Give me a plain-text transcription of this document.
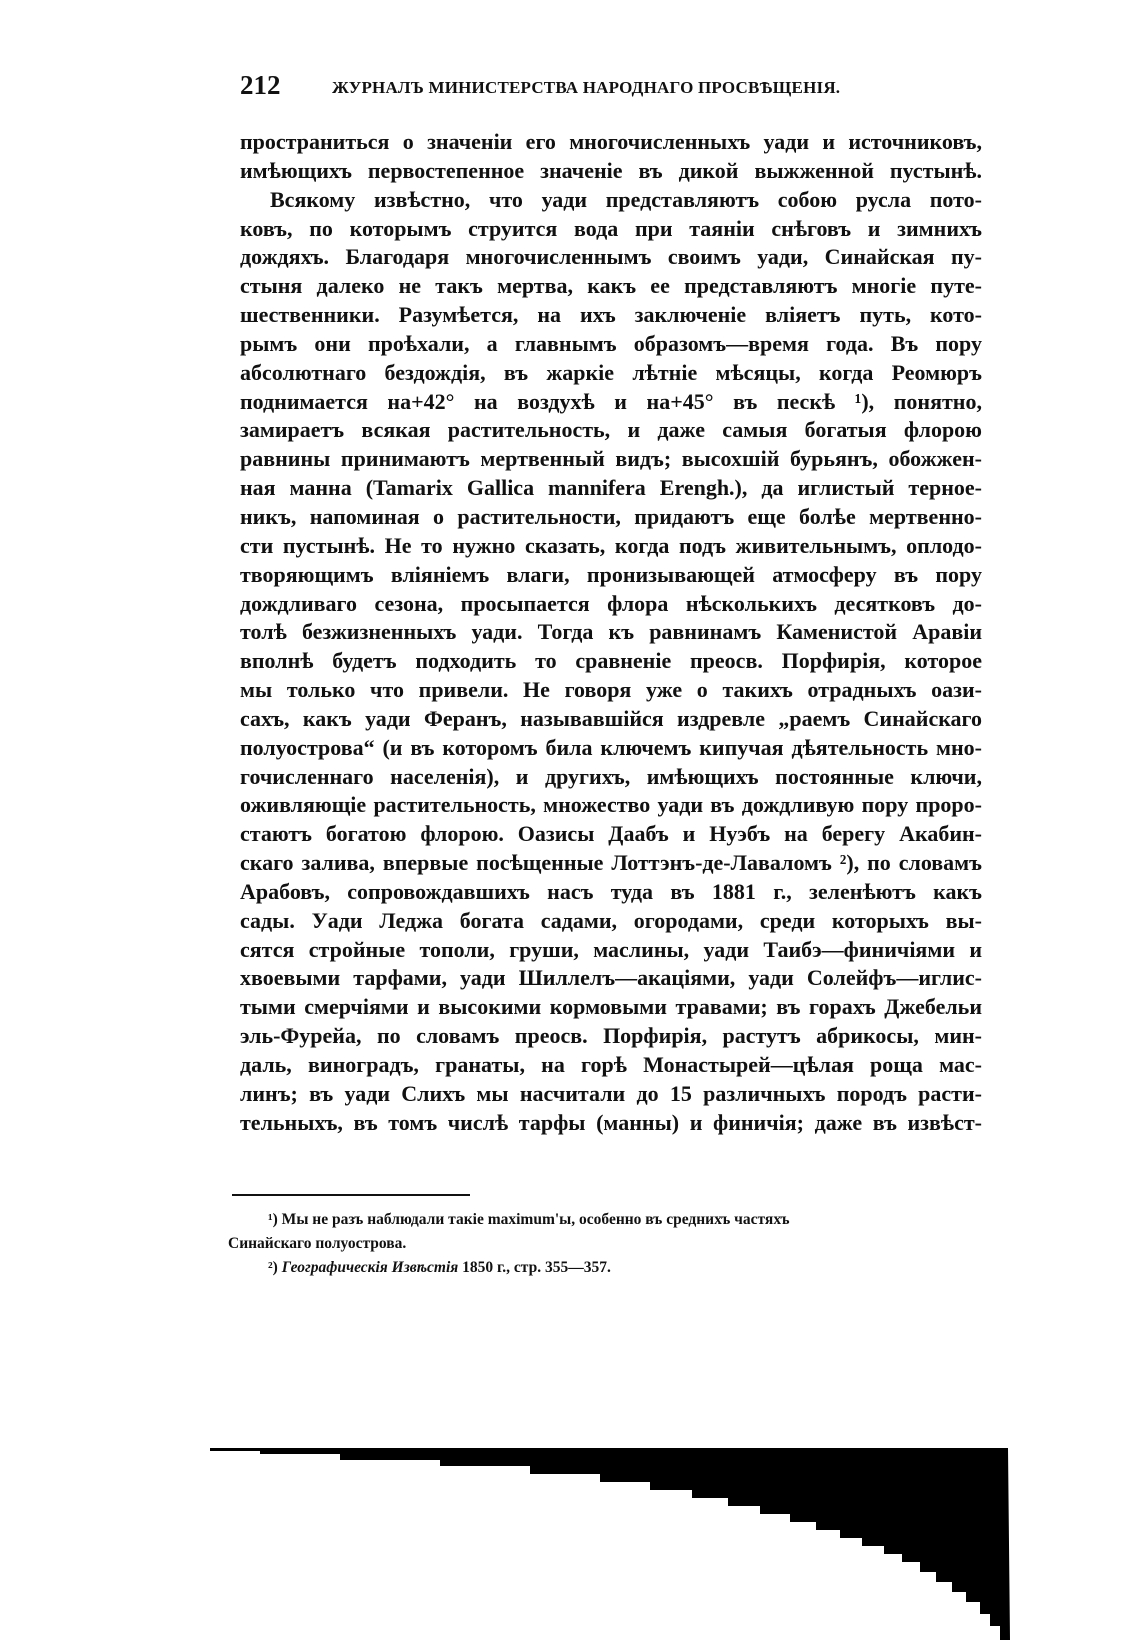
212	ЖУРНАЛЪ МИНИСТЕРСТВА НАРОДНАГО ПРОСВѢЩЕНІЯ.

пространиться о значеніи его многочисленныхъ уади и источниковъ,

имѣющихъ первостепенное значеніе въ дикой выжженной пустынѣ.

Всякому извѣстно, что уади представляютъ собою русла пото-

ковъ, по которымъ струится вода при таяніи снѣговъ и зимнихъ

дождяхъ. Благодаря многочисленнымъ своимъ уади, Синайская пу-

стыня далеко не такъ мертва, какъ ее представляютъ многіе путе-

шественники. Разумѣется, на ихъ заключеніе вліяетъ путь, кото-

рымъ они проѣхали, а главнымъ образомъ—время года. Въ пору

абсолютнаго бездождія, въ жаркіе лѣтніе мѣсяцы, когда Реомюръ

поднимается на+42° на воздухѣ и на+45° въ пескѣ ¹), понятно,

замираетъ всякая растительность, и даже самыя богатыя флорою

равнины принимаютъ мертвенный видъ; высохшій бурьянъ, обожжен-

ная манна (Tamarix Gallica mannifera Erengh.), да иглистый терное-

никъ, напоминая о растительности, придаютъ еще болѣе мертвенно-

сти пустынѣ. Не то нужно сказать, когда подъ живительнымъ, оплодо-

творяющимъ вліяніемъ влаги, пронизывающей атмосферу въ пору

дождливаго сезона, просыпается флора нѣсколькихъ десятковъ до-

толѣ безжизненныхъ уади. Тогда къ равнинамъ Каменистой Аравіи

вполнѣ будетъ подходить то сравненіе преосв. Порфирія, которое

мы только что привели. Не говоря уже о такихъ отрадныхъ оази-

сахъ, какъ уади Феранъ, называвшійся издревле „раемъ Синайскаго

полуострова“ (и въ которомъ била ключемъ кипучая дѣятельность мно-

гочисленнаго населенія), и другихъ, имѣющихъ постоянные ключи,

оживляющіе растительность, множество уади въ дождливую пору проро-

стаютъ богатою флорою. Оазисы Даабъ и Нуэбъ на берегу Акабин-

скаго залива, впервые посѣщенные Лоттэнъ-де-Лаваломъ ²), по словамъ

Арабовъ, сопровождавшихъ насъ туда въ 1881 г., зеленѣютъ какъ

сады. Уади Леджа богата садами, огородами, среди которыхъ вы-

сятся стройные тополи, груши, маслины, уади Таибэ—финичіями и

хвоевыми тарфами, уади Шиллелъ—акаціями, уади Солейфъ—иглис-

тыми смерчіями и высокими кормовыми травами; въ горахъ Джебельи

эль-Фурейа, по словамъ преосв. Порфирія, растутъ абрикосы, мин-

даль, виноградъ, гранаты, на горѣ Монастырей—цѣлая роща мас-

линъ; въ уади Слихъ мы насчитали до 15 различныхъ породъ расти-

тельныхъ, въ томъ числѣ тарфы (манны) и финичія; даже въ извѣст-

¹) Мы не разъ наблюдали такіе maximum'ы, особенно въ среднихъ частяхъ

Синайскаго полуострова.

²) Географическія Извѣстія 1850 г., стр. 355—357.
